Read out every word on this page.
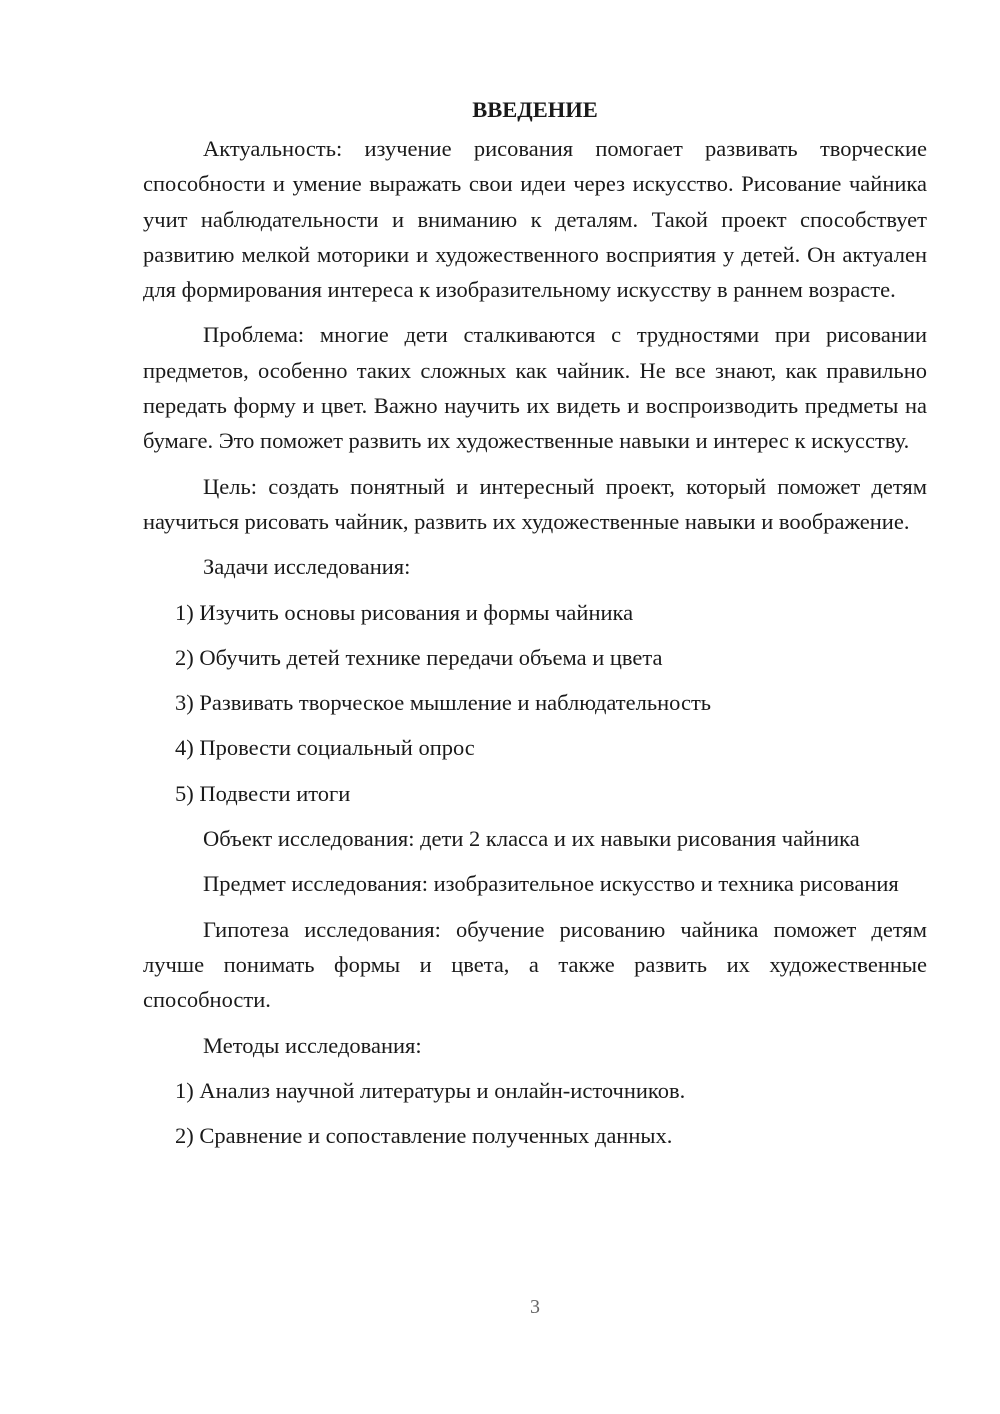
ВВЕДЕНИЕ

Актуальность: изучение рисования помогает развивать творческие способности и умение выражать свои идеи через искусство. Рисование чайника учит наблюдательности и вниманию к деталям. Такой проект способствует развитию мелкой моторики и художественного восприятия у детей. Он актуален для формирования интереса к изобразительному искусству в раннем возрасте.

Проблема: многие дети сталкиваются с трудностями при рисовании предметов, особенно таких сложных как чайник. Не все знают, как правильно передать форму и цвет. Важно научить их видеть и воспроизводить предметы на бумаге. Это поможет развить их художественные навыки и интерес к искусству.

Цель: создать понятный и интересный проект, который поможет детям научиться рисовать чайник, развить их художественные навыки и воображение.

Задачи исследования:

1) Изучить основы рисования и формы чайника

2) Обучить детей технике передачи объема и цвета

3) Развивать творческое мышление и наблюдательность

4) Провести социальный опрос

5) Подвести итоги

Объект исследования: дети 2 класса и их навыки рисования чайника

Предмет исследования: изобразительное искусство и техника рисования

Гипотеза исследования: обучение рисованию чайника поможет детям лучше понимать формы и цвета, а также развить их художественные способности.

Методы исследования:

1) Анализ научной литературы и онлайн-источников.

2) Сравнение и сопоставление полученных данных.

3
